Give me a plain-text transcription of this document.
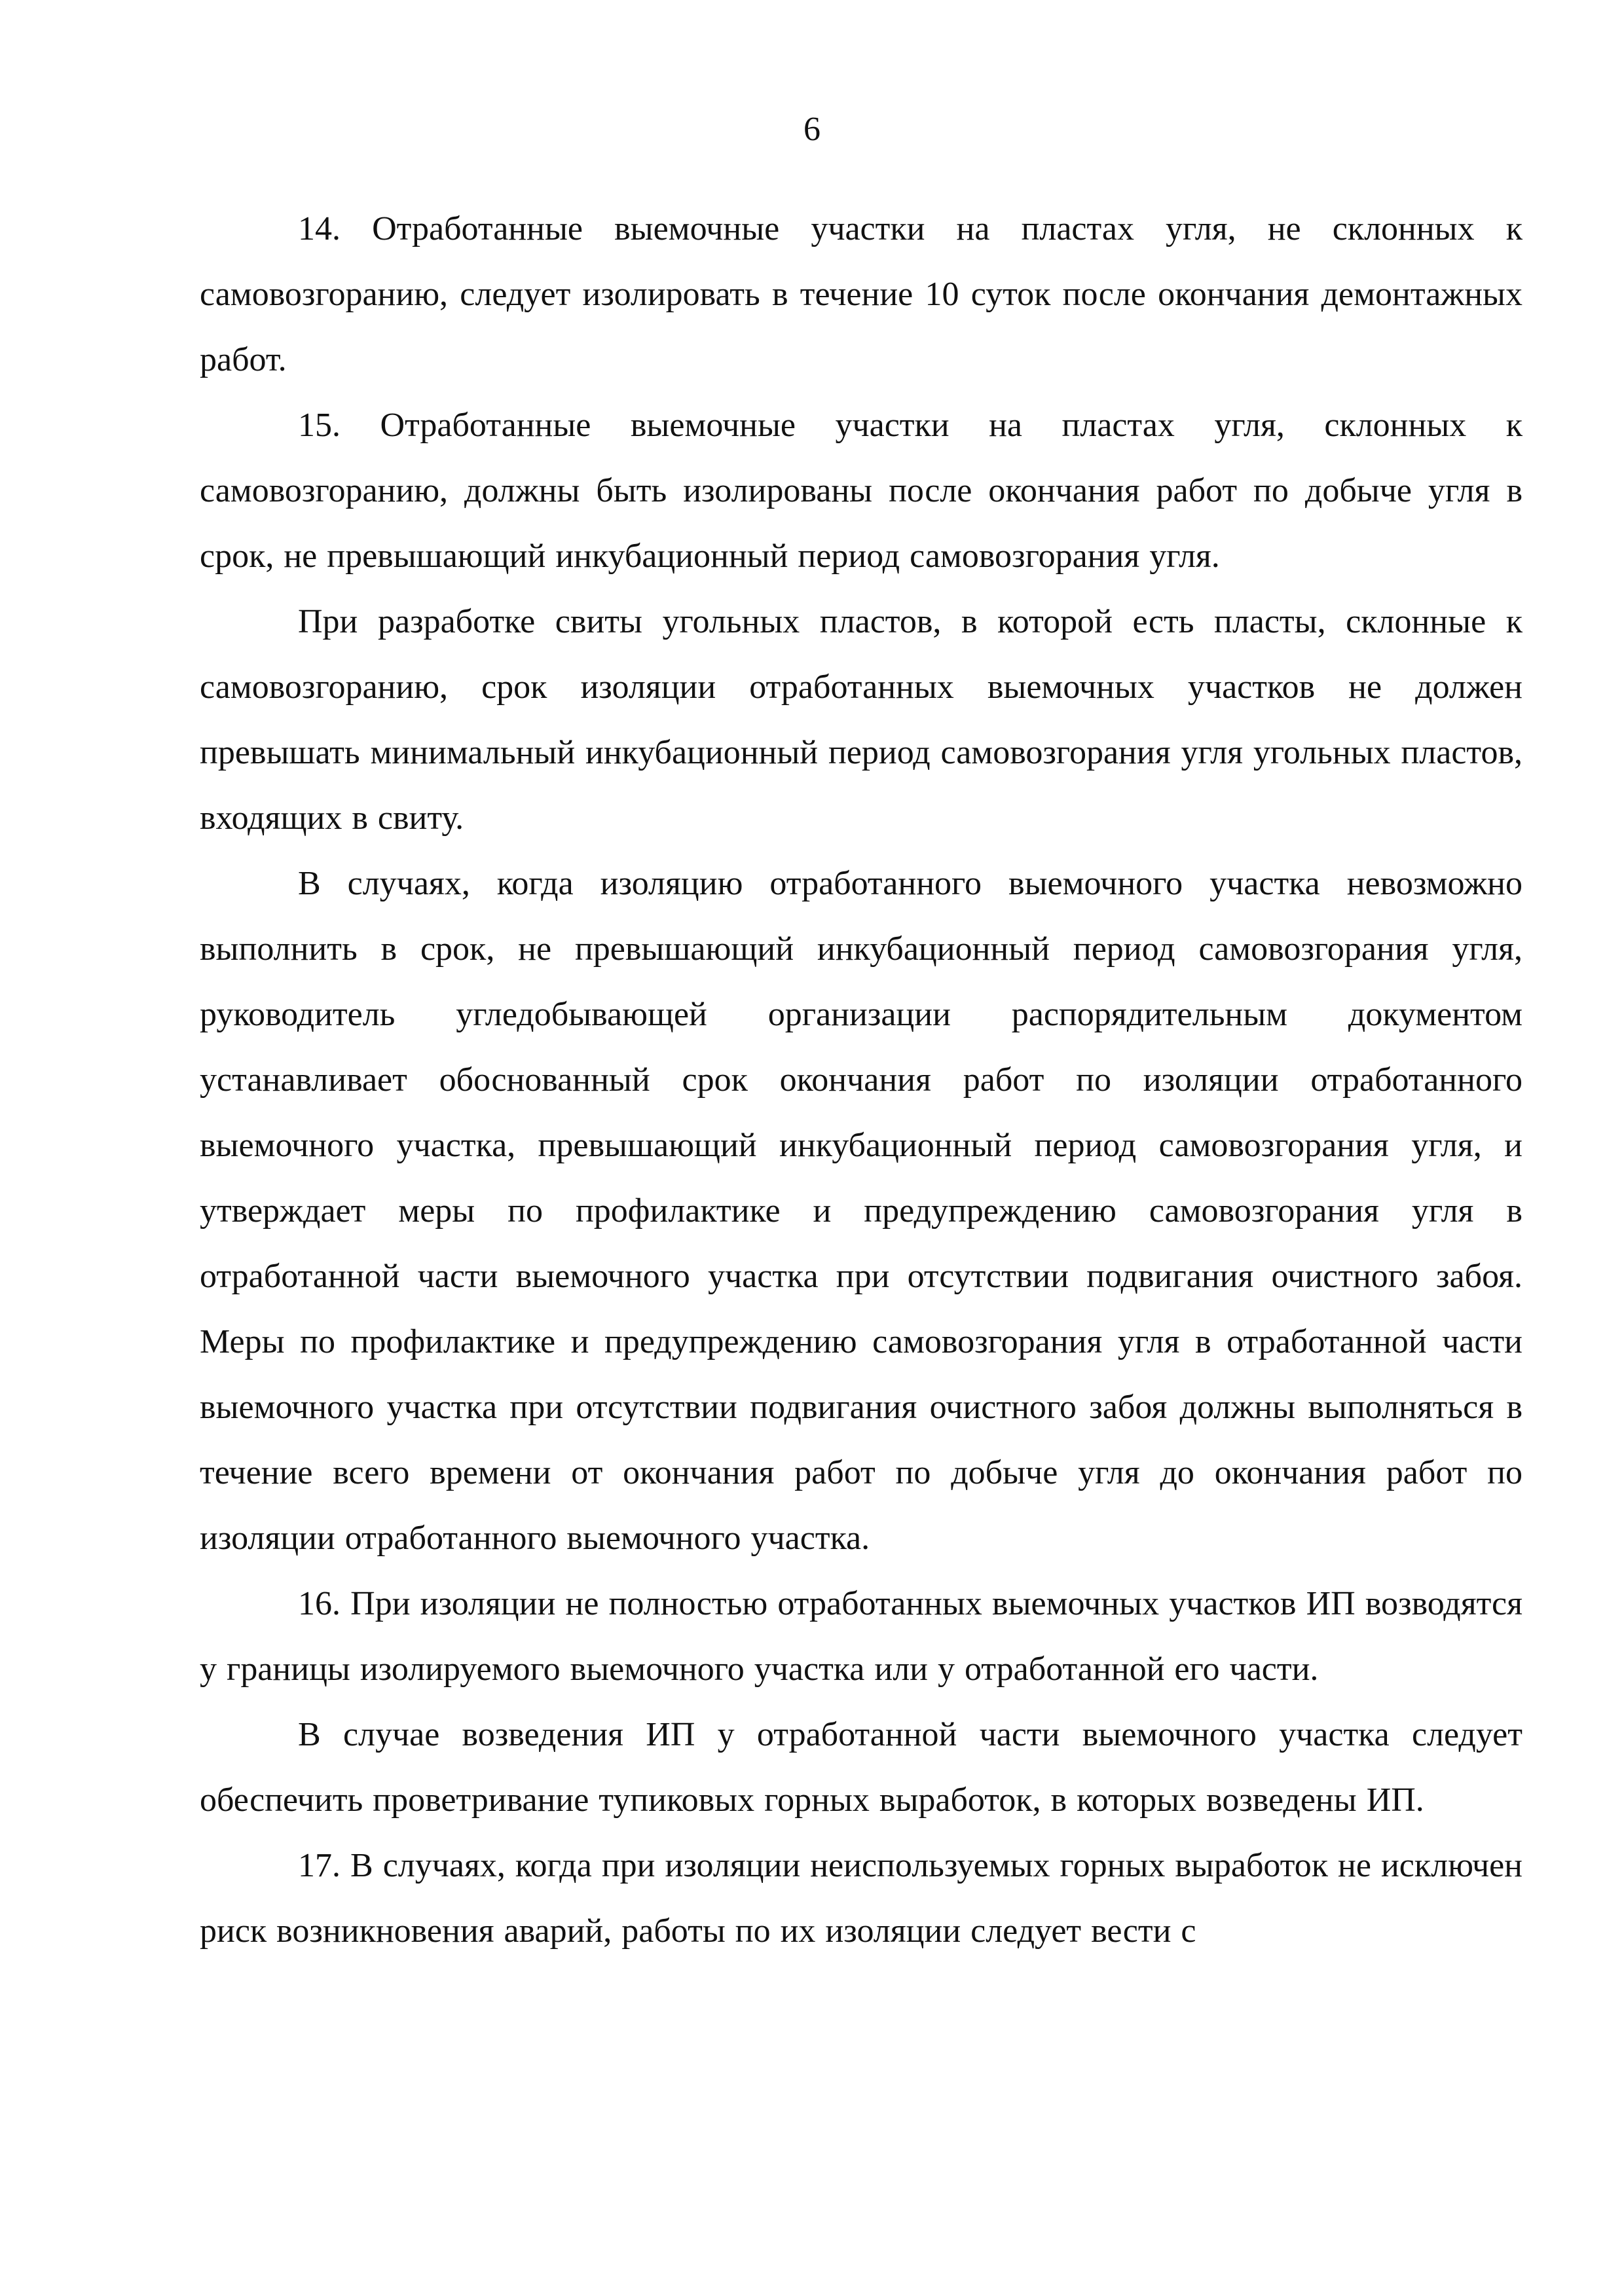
6

14. Отработанные выемочные участки на пластах угля, не склонных к самовозгоранию, следует изолировать в течение 10 суток после окончания демонтажных работ.

15. Отработанные выемочные участки на пластах угля, склонных к самовозгоранию, должны быть изолированы после окончания работ по добыче угля в срок, не превышающий инкубационный период самовозгорания угля.

При разработке свиты угольных пластов, в которой есть пласты, склонные к самовозгоранию, срок изоляции отработанных выемочных участков не должен превышать минимальный инкубационный период самовозгорания угля угольных пластов, входящих в свиту.

В случаях, когда изоляцию отработанного выемочного участка невозможно выполнить в срок, не превышающий инкубационный период самовозгорания угля, руководитель угледобывающей организации распорядительным документом устанавливает обоснованный срок окончания работ по изоляции отработанного выемочного участка, превышающий инкубационный период самовозгорания угля, и утверждает меры по профилактике и предупреждению самовозгорания угля в отработанной части выемочного участка при отсутствии подвигания очистного забоя. Меры по профилактике и предупреждению самовозгорания угля в отработанной части выемочного участка при отсутствии подвигания очистного забоя должны выполняться в течение всего времени от окончания работ по добыче угля до окончания работ по изоляции отработанного выемочного участка.

16. При изоляции не полностью отработанных выемочных участков ИП возводятся у границы изолируемого выемочного участка или у отработанной его части.

В случае возведения ИП у отработанной части выемочного участка следует обеспечить проветривание тупиковых горных выработок, в которых возведены ИП.

17. В случаях, когда при изоляции неиспользуемых горных выработок не исключен риск возникновения аварий, работы по их изоляции следует вести с
